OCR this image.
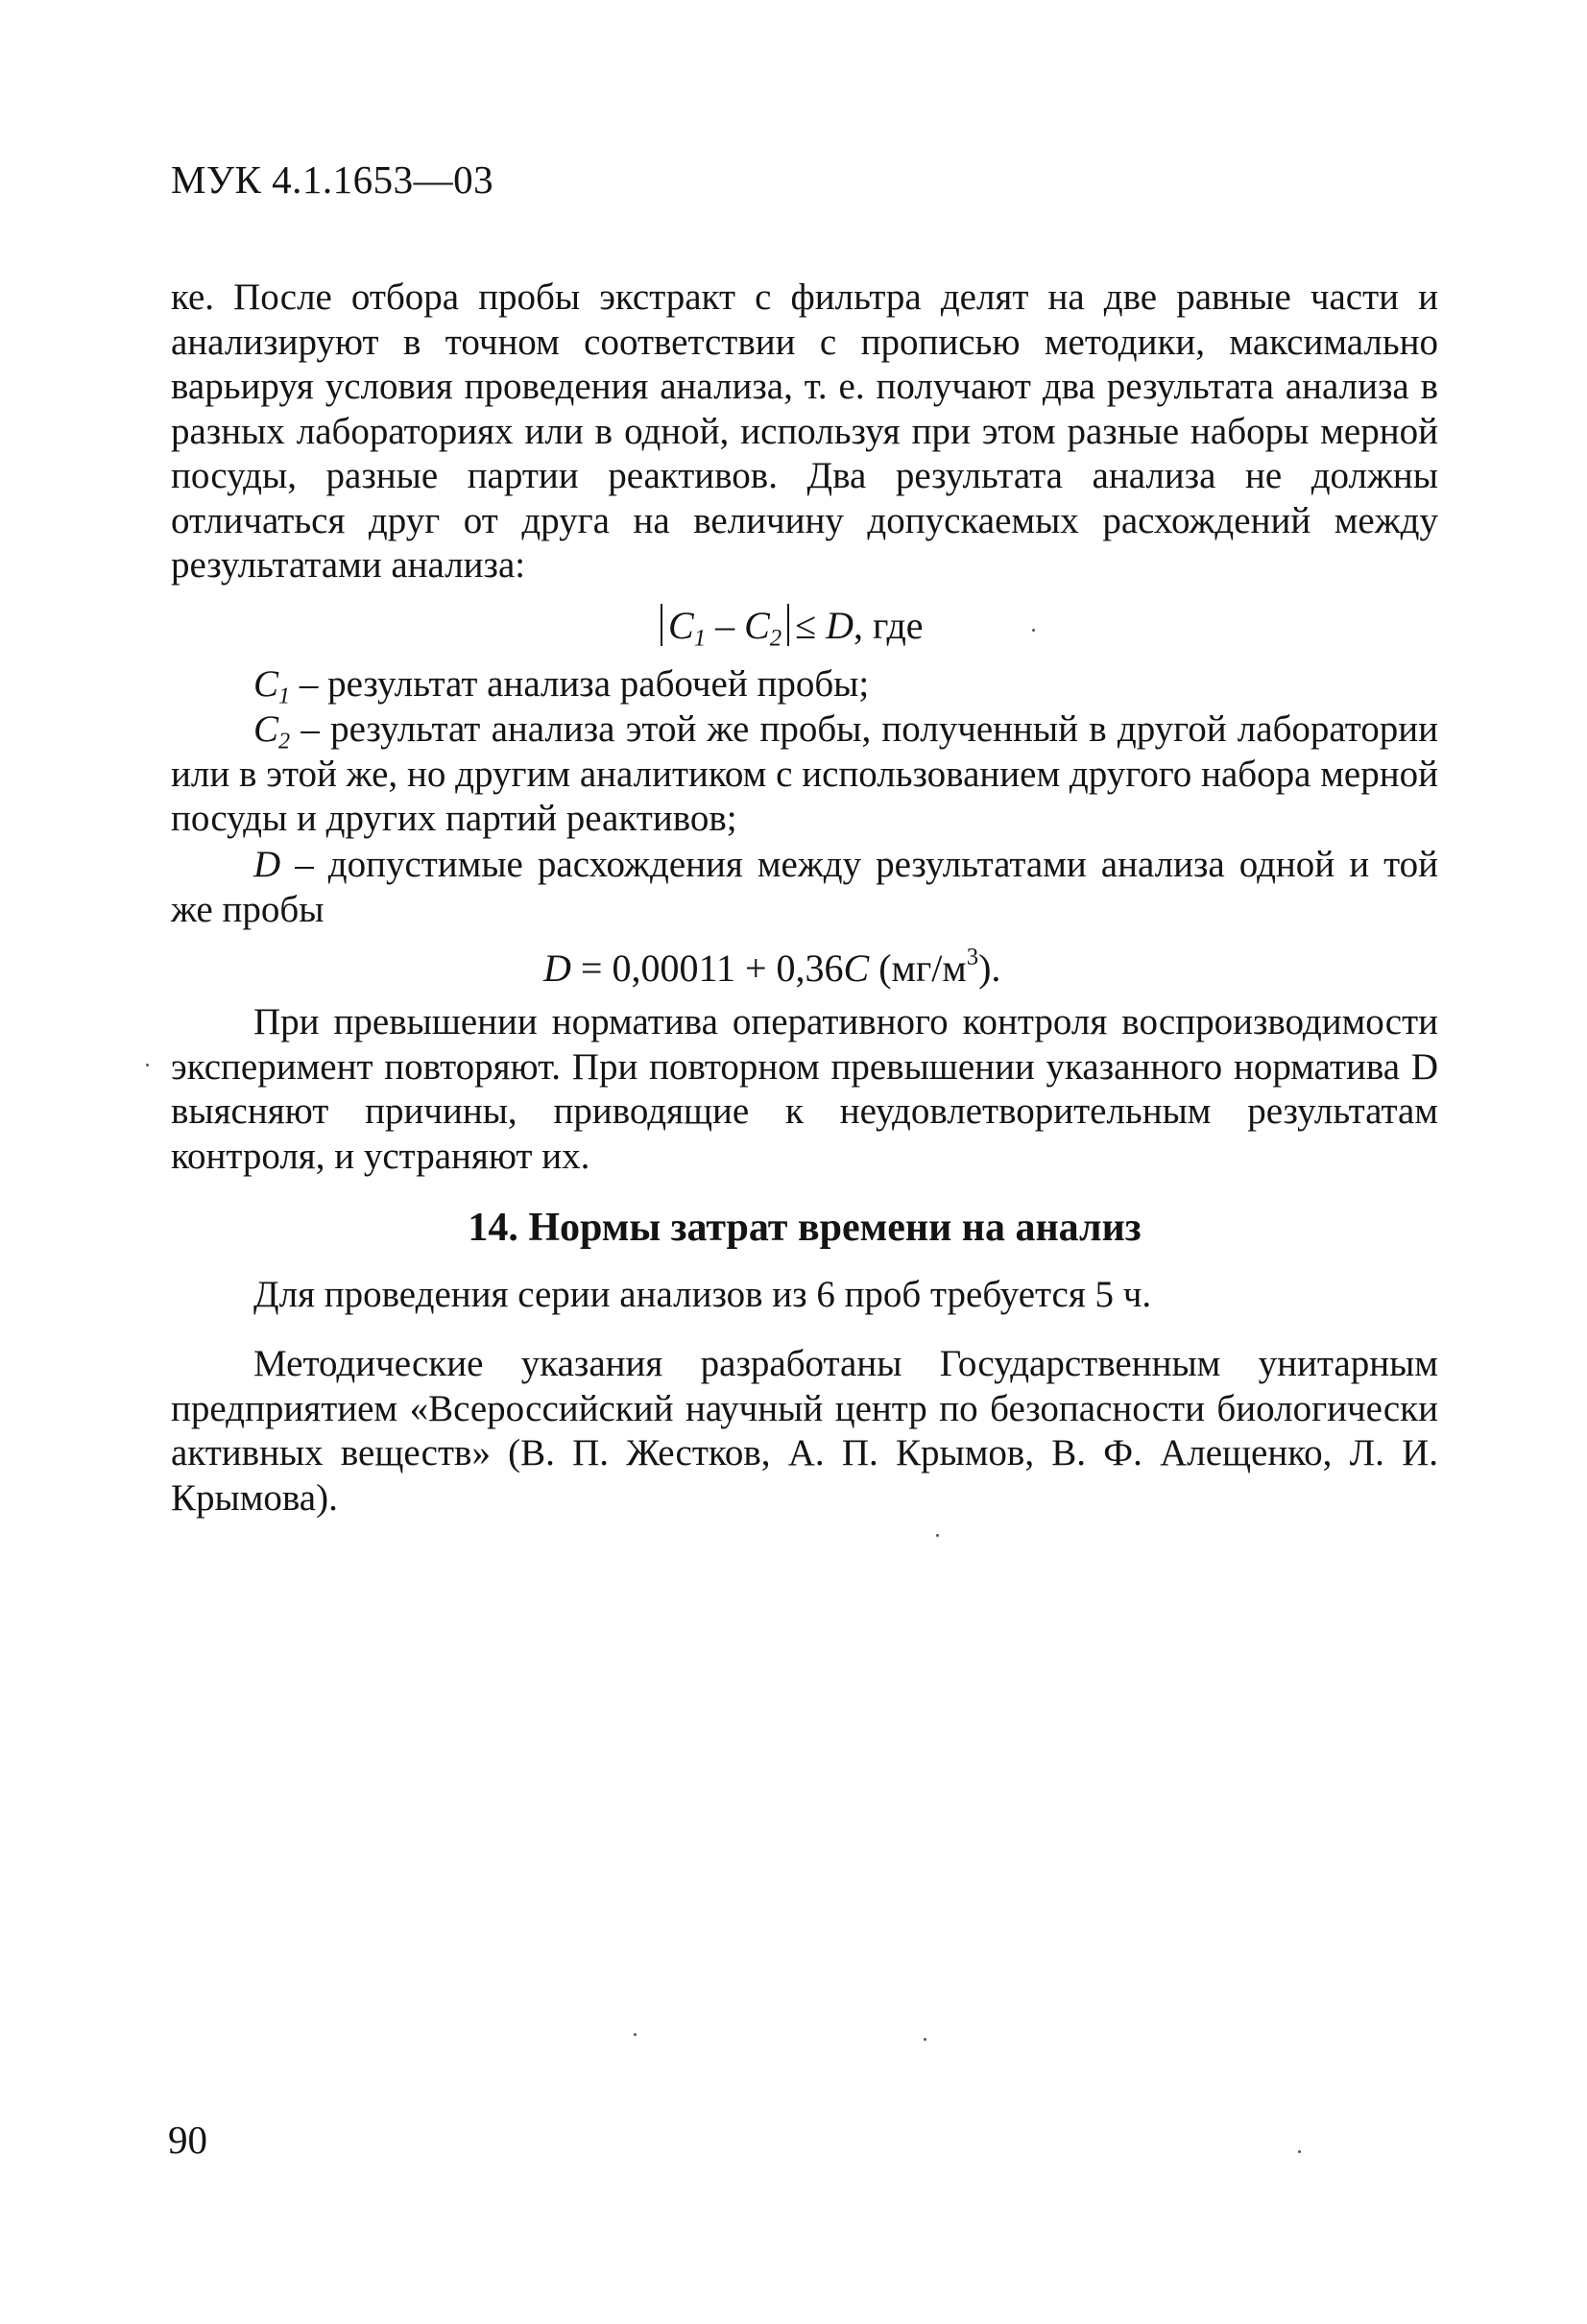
МУК 4.1.1653—03

ке. После отбора пробы экстракт с фильтра делят на две равные части и анализируют в точном соответствии с прописью методики, максимально варьируя условия проведения анализа, т. е. получают два результата анализа в разных лабораториях или в одной, используя при этом разные наборы мерной посуды, разные партии реактивов. Два результата анализа не должны отличаться друг от друга на величину допускаемых расхождений между результатами анализа:

$C_1 - C_2 \le D$, где

$C_1$ – результат анализа рабочей пробы;

$C_2$ – результат анализа этой же пробы, полученный в другой лаборатории или в этой же, но другим аналитиком с использованием другого набора мерной посуды и других партий реактивов;

D – допустимые расхождения между результатами анализа одной и той же пробы

D = 0,00011 + 0,36C $(мг/м^3)$.

При превышении норматива оперативного контроля воспроизводимости эксперимент повторяют. При повторном превышении указанного норматива D выясняют причины, приводящие к неудовлетворительным результатам контроля, и устраняют их.

14. Нормы затрат времени на анализ

Для проведения серии анализов из 6 проб требуется 5 ч.

Методические указания разработаны Государственным унитарным предприятием «Всероссийский научный центр по безопасности биологически активных веществ» (В. П. Жестков, А. П. Крымов, В. Ф. Алещенко, Л. И. Крымова).

90
